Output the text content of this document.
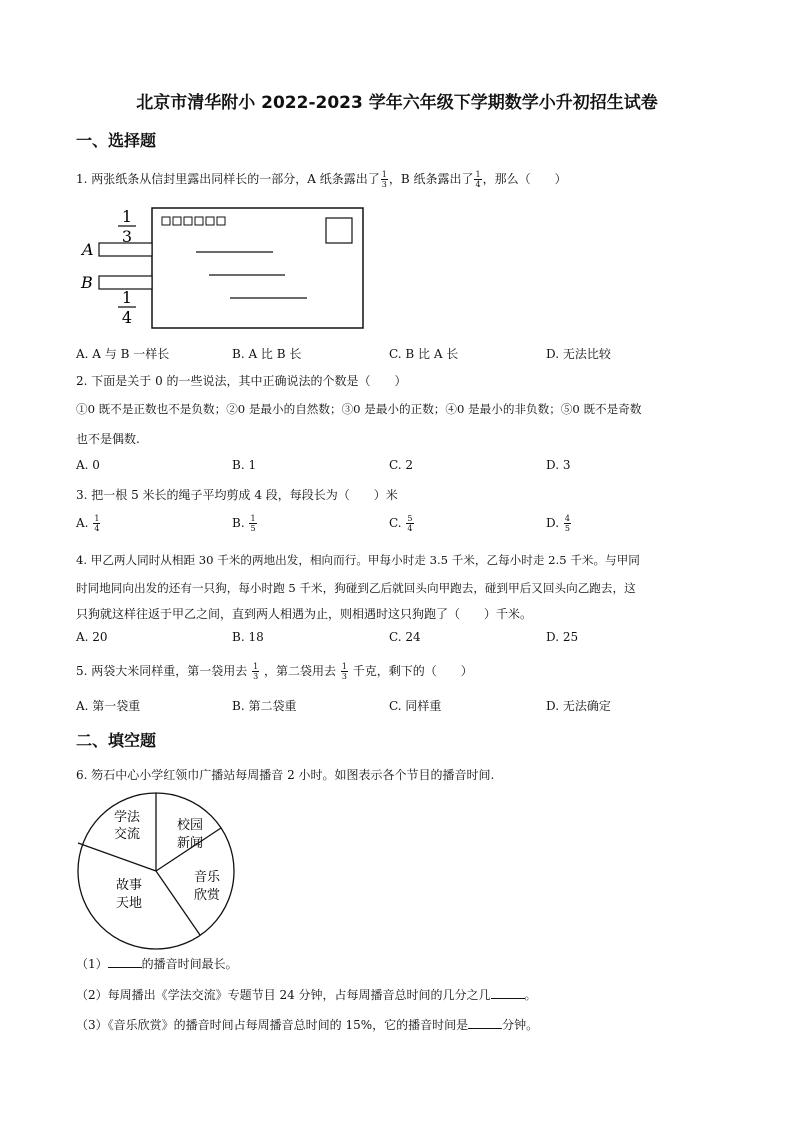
北京市清华附小 2022-2023 学年六年级下学期数学小升初招生试卷
一、选择题
1. 两张纸条从信封里露出同样长的一部分，A 纸条露出了 $\frac{1}{3}$ ，B 纸条露出了 $\frac{1}{4}$ ，那么（　　）
1
3
A
B
1
4
A. A 与 B 一样长	B. A 比 B 长	C. B 比 A 长	D. 无法比较
2. 下面是关于 0 的一些说法，其中正确说法的个数是（　　）
①0 既不是正数也不是负数；②0 是最小的自然数；③0 是最小的正数；④0 是最小的非负数；⑤0 既不是奇数
也不是偶数.
A. 0	B. 1	C. 2	D. 3
3. 把一根 5 米长的绳子平均剪成 4 段，每段长为（　　）米
A. $\frac{1}{4}$	B. $\frac{1}{5}$	C. $\frac{5}{4}$	D. $\frac{4}{5}$
4. 甲乙两人同时从相距 30 千米的两地出发，相向而行。甲每小时走 3.5 千米，乙每小时走 2.5 千米。与甲同
时同地同向出发的还有一只狗，每小时跑 5 千米，狗碰到乙后就回头向甲跑去，碰到甲后又回头向乙跑去，这
只狗就这样往返于甲乙之间，直到两人相遇为止，则相遇时这只狗跑了（　　）千米。
A. 20	B. 18	C. 24	D. 25
5. 两袋大米同样重，第一袋用去 $\frac{1}{3}$ ，第二袋用去 $\frac{1}{3}$ 千克，剩下的（　　）
A. 第一袋重	B. 第二袋重	C. 同样重	D. 无法确定
二、填空题
6. 笏石中心小学红领巾广播站每周播音 2 小时。如图表示各个节目的播音时间.
学法
交流
校园
新闻
音乐
欣赏
故事
天地
（1）	的播音时间最长。
（2）每周播出《学法交流》专题节目 24 分钟，占每周播音总时间的几分之几	。
（3）《音乐欣赏》的播音时间占每周播音总时间的 15%，它的播音时间是	分钟。
